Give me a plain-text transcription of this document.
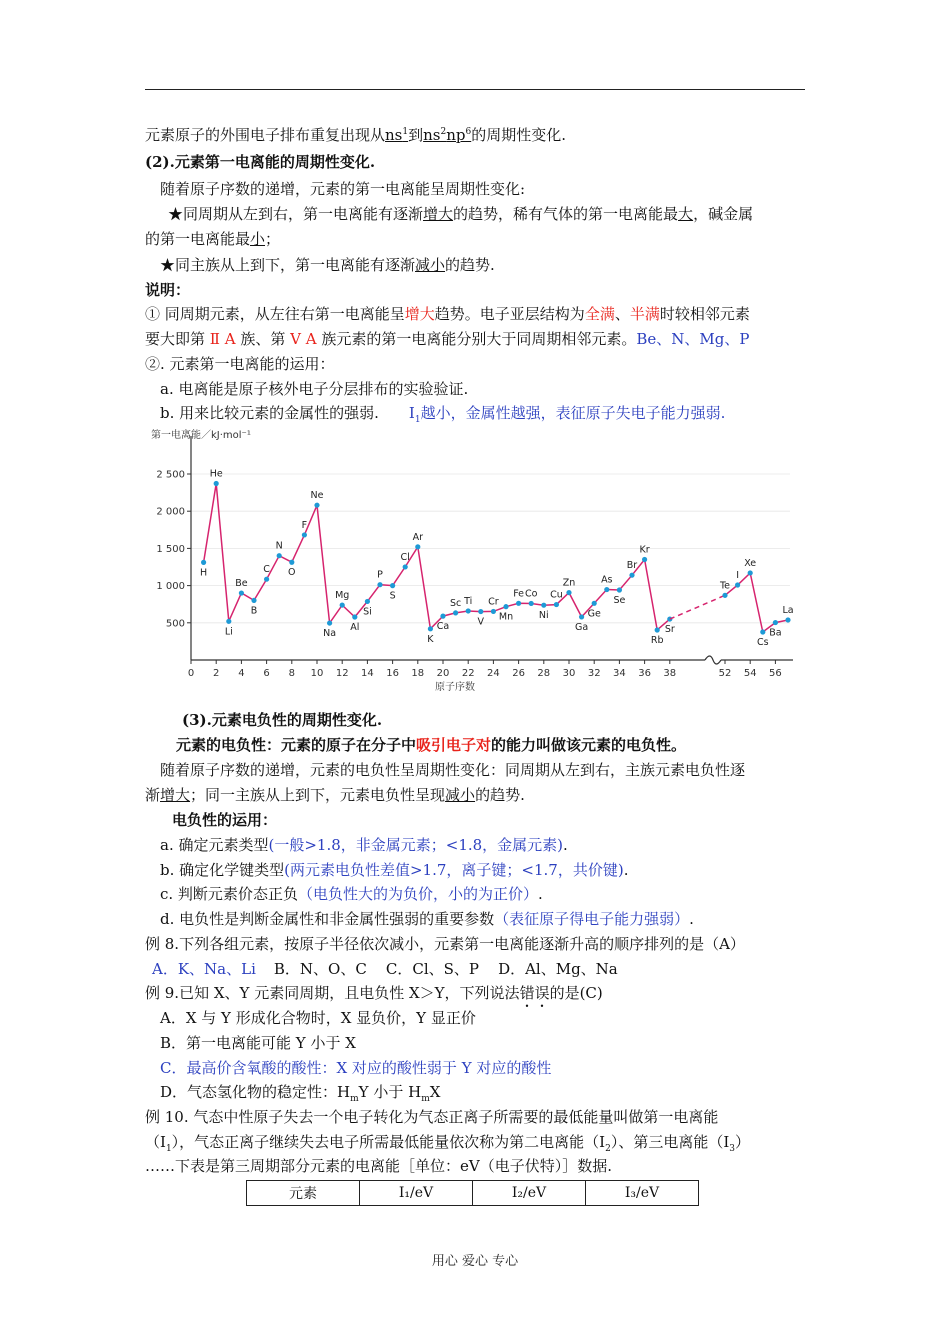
元素原子的外围电子排布重复出现从$ns^1$到$ns^2np^6$的周期性变化.
(2).元素第一电离能的周期性变化.
随着原子序数的递增，元素的第一电离能呈周期性变化:
★同周期从左到右，第一电离能有逐渐增大的趋势，稀有气体的第一电离能最大，碱金属
的第一电离能最小；
★同主族从上到下，第一电离能有逐渐减小的趋势.
说明：
① 同周期元素，从左往右第一电离能呈增大趋势。电子亚层结构为全满、半满时较相邻元素
要大即第 Ⅱ A 族、第 Ⅴ A 族元素的第一电离能分别大于同周期相邻元素。Be、N、Mg、P
②. 元素第一电离能的运用：
a. 电离能是原子核外电子分层排布的实验验证.
b. 用来比较元素的金属性的强弱. $I_1$越小，金属性越强，表征原子失电子能力强弱.
第一电离能／kJ·mol⁻¹
2 500
2 000
1 500
1 000
500
0 2 4 6 8 10 12 14 16 18 20 22 24 26 28 30 32 34 36 38	52 54 56
H
He
Li
Be
B
C
N
O
F
Ne
Na
Mg
Al
Si
P
S
Cl
Ar
K
Ca
Sc Ti
V
Cr
Mn
Fe Co
Ni
Cu
Zn
Ga
Ge
As
Se
Br
Kr
Rb
Sr
Te
I
Xe
Cs
Ba
La
原子序数
(3).元素电负性的周期性变化.
元素的电负性：元素的原子在分子中吸引电子对的能力叫做该元素的电负性。
随着原子序数的递增，元素的电负性呈周期性变化：同周期从左到右，主族元素电负性逐
渐增大；同一主族从上到下，元素电负性呈现减小的趋势.
电负性的运用：
a. 确定元素类型(一般>1.8，非金属元素；<1.8，金属元素).
b. 确定化学键类型(两元素电负性差值>1.7，离子键；<1.7，共价键).
c. 判断元素价态正负（电负性大的为负价，小的为正价）.
d. 电负性是判断金属性和非金属性强弱的重要参数（表征原子得电子能力强弱）.
例 8.下列各组元素，按原子半径依次减小，元素第一电离能逐渐升高的顺序排列的是（A）
A．K、Na、Li B．N、O、C    C．Cl、S、P    D．Al、Mg、Na
例 9.已知 X、Y 元素同周期，且电负性 X＞Y，下列说法错误的是(C)
A．X 与 Y 形成化合物时，X 显负价，Y 显正价
B．第一电离能可能 Y 小于 X
C．最高价含氧酸的酸性：X 对应的酸性弱于 Y 对应的酸性
D．气态氢化物的稳定性：$H_mY$ 小于 $H_mX$
例 10. 气态中性原子失去一个电子转化为气态正离子所需要的最低能量叫做第一电离能
$(I_1)$，气态正离子继续失去电子所需最低能量依次称为第二电离能$(I_2)$、第三电离能$(I_3)$
……下表是第三周期部分元素的电离能［单位：eV（电子伏特）］数据.
元素	I₁/eV	I₂/eV	I₃/eV
用心 爱心 专心
